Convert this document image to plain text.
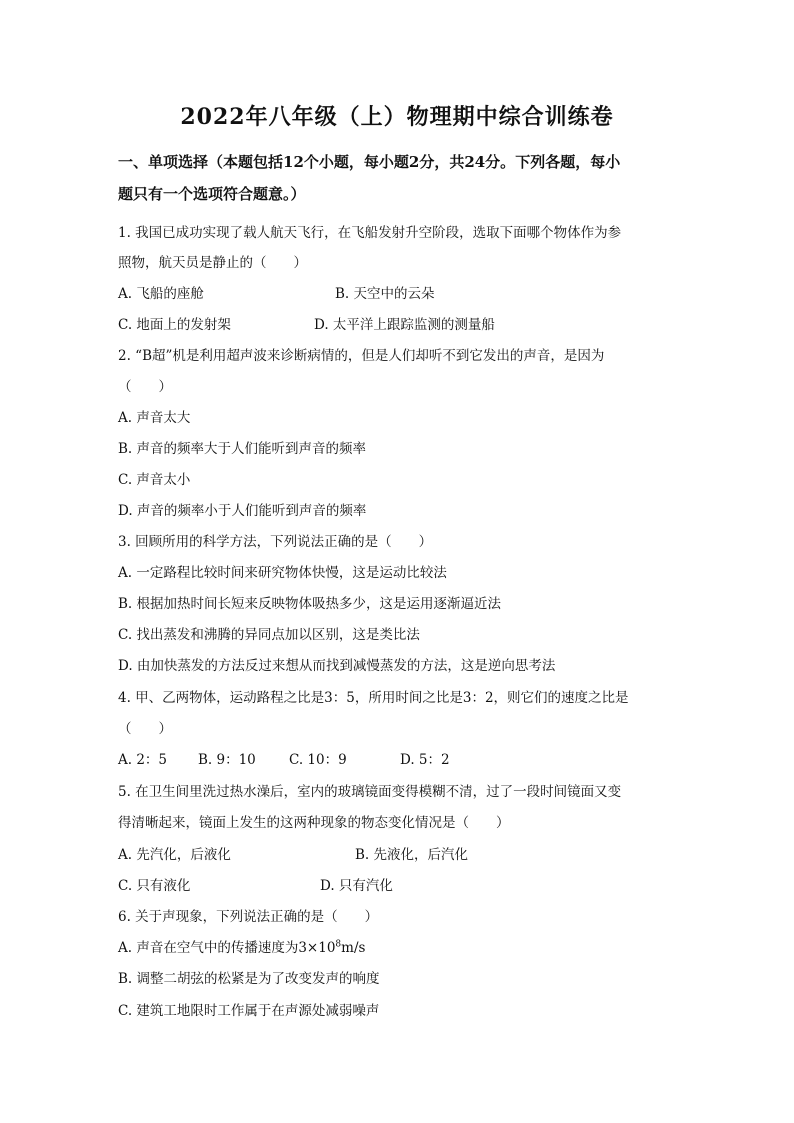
2022年八年级（上）物理期中综合训练卷
一、单项选择（本题包括12个小题，每小题2分，共24分。下列各题，每小
题只有一个选项符合题意。）
1. 我国已成功实现了载人航天飞行，在飞船发射升空阶段，选取下面哪个物体作为参
照物，航天员是静止的（　　）
A. 飞船的座舱	B. 天空中的云朵
C. 地面上的发射架	D. 太平洋上跟踪监测的测量船
2. “B超”机是利用超声波来诊断病情的，但是人们却听不到它发出的声音，是因为
（　　）
A. 声音太大
B. 声音的频率大于人们能听到声音的频率
C. 声音太小
D. 声音的频率小于人们能听到声音的频率
3. 回顾所用的科学方法，下列说法正确的是（　　）
A. 一定路程比较时间来研究物体快慢，这是运动比较法
B. 根据加热时间长短来反映物体吸热多少，这是运用逐渐逼近法
C. 找出蒸发和沸腾的异同点加以区别，这是类比法
D. 由加快蒸发的方法反过来想从而找到减慢蒸发的方法，这是逆向思考法
4. 甲、乙两物体，运动路程之比是3：5，所用时间之比是3：2，则它们的速度之比是
（　　）
A. 2：5 B. 9：10 C. 10：9	D. 5：2
5. 在卫生间里洗过热水澡后，室内的玻璃镜面变得模糊不清，过了一段时间镜面又变
得清晰起来，镜面上发生的这两种现象的物态变化情况是（　　）
A. 先汽化，后液化	B. 先液化，后汽化
C. 只有液化	D. 只有汽化
6. 关于声现象，下列说法正确的是（　　）
A. 声音在空气中的传播速度为$3\times 10^8m/s$
B. 调整二胡弦的松紧是为了改变发声的响度
C. 建筑工地限时工作属于在声源处减弱噪声
